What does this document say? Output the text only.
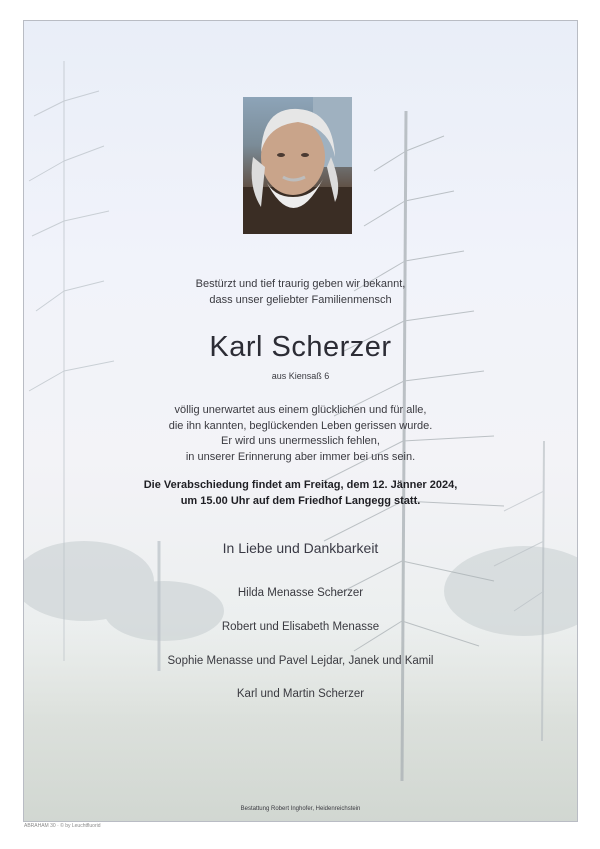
Bestürzt und tief traurig geben wir bekannt,
dass unser geliebter Familienmensch
Karl Scherzer
aus Kiensaß 6
völlig unerwartet aus einem glücklichen und für alle,
die ihn kannten, beglückenden Leben gerissen wurde.
Er wird uns unermesslich fehlen,
in unserer Erinnerung aber immer bei uns sein.
Die Verabschiedung findet am Freitag, dem 12. Jänner 2024,
um 15.00 Uhr auf dem Friedhof Langegg statt.
In Liebe und Dankbarkeit
Hilda Menasse Scherzer
Robert und Elisabeth Menasse
Sophie Menasse und Pavel Lejdar, Janek und Kamil
Karl und Martin Scherzer
Bestattung Robert Inghofer, Heidenreichstein
ABRAHAM 30 · © by Leuchtfluorid
